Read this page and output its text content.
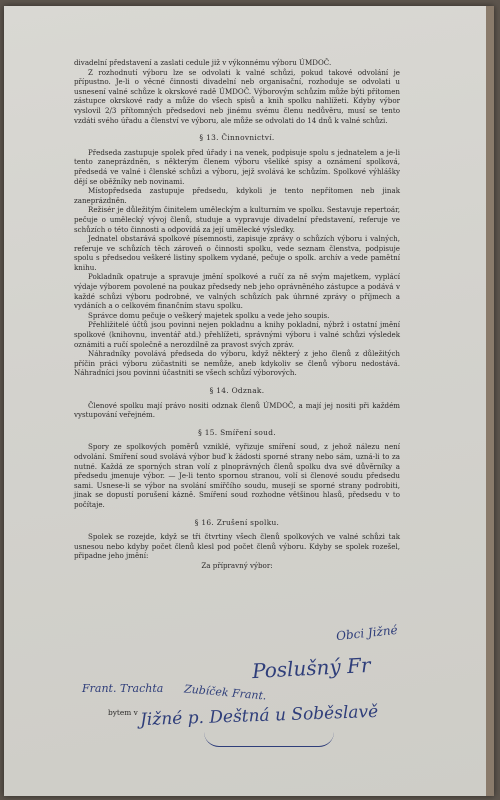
divadelní představení a zaslati cedule již v výkonnému výboru ÚMDOČ.

Z rozhodnutí výboru lze se odvolati k valné schůzi, pokud takové odvolání je přípustno. Je-li o věcné činnosti divadelní neb organisační, rozhoduje se odvolati u usnesení valné schůze k okrskové radě ÚMDOČ. Výborovým schůzím může býti přítomen zástupce okrskové rady a může do všech spisů a knih spolku nahlížeti. Kdyby výbor vyslovil 2/3 přítomných předsedovi neb jinému svému členu nedůvěru, musí se tento vzdáti svého úřadu a členství ve výboru, ale může se odvolati do 14 dnů k valné schůzi.

§ 13. Činnovnictví.

Předseda zastupuje spolek před úřady i na venek, podpisuje spolu s jednatelem a je-li tento zaneprázdněn, s některým členem výboru všeliké spisy a oznámení spolková, předsedá ve valné i členské schůzi a výboru, jejž svolává ke schůzím. Spolkové výhlášky dějí se oběžníky neb novinami.

Místopředseda zastupuje předsedu, kdykoli je tento nepřítomen neb jinak zaneprázdněn.

Režisér je důležitým činitelem uměleckým a kulturním ve spolku. Sestavuje repertoár, pečuje o umělecký vývoj členů, studuje a vypravuje divadelní představení, referuje ve schůzích o této činnosti a odpovídá za její umělecké výsledky.

Jednatel obstarává spolkové písemnosti, zapisuje zprávy o schůzích výboru i valných, referuje ve schůzích těch zároveň o činnosti spolku, vede seznam členstva, podpisuje spolu s předsedou veškeré listiny spolkem vydané, pečuje o spolk. archív a vede pamětní knihu.

Pokladník opatruje a spravuje jmění spolkové a ručí za ně svým majetkem, vyplácí výdaje výborem povolené na poukaz předsedy neb jeho oprávněného zástupce a podává v každé schůzi výboru podrobné, ve valných schůzích pak úhrnné zprávy o příjmech a vydáních a o celkovém finančním stavu spolku.

Správce domu pečuje o veškerý majetek spolku a vede jeho soupis.

Přehližitelé účtů jsou povinni nejen pokladnu a knihy pokladní, nýbrž i ostatní jmění spolkové (knihovnu, inventář atd.) přehlížeti, správnými výboru i valné schůzi výsledek oznámiti a ručí společně a nerozdílně za pravost svých zpráv.

Náhradníky povolává předseda do výboru, když některý z jeho členů z důležitých příčin práci výboru zúčastniti se nemůže, aneb kdykoliv se členů výboru nedostává. Náhradníci jsou povinni účastniti se všech schůzí výborových.

§ 14. Odznak.

Členové spolku mají právo nositi odznak členů ÚMDOČ, a mají jej nositi při každém vystupování veřejném.

§ 15. Smíření soud.

Spory ze spolkových poměrů vzniklé, vyřizuje smíření soud, z jehož nálezu není odvolání. Smíření soud svolává výbor buď k žádosti sporné strany nebo sám, uzná-li to za nutné. Každá ze sporných stran volí z plnoprávných členů spolku dva své důvěrníky a předsedu jmenuje výbor. — Je-li tento spornou stranou, volí si členové soudu předsedu sami. Usnese-li se výbor na svolání smířčího soudu, musejí se sporné strany podrobiti, jinak se dopustí porušení kázně. Smíření soud rozhodne většinou hlasů, předsedu v to počítaje.

§ 16. Zrušení spolku.

Spolek se rozejde, když se tři čtvrtiny všech členů spolkových ve valné schůzi tak usnesou nebo kdyby počet členů klesl pod počet členů výboru. Kdyby se spolek rozešel, připadne jeho jmění:

Za přípravný výbor:

Obci Jižné
Poslušný Fr
Frant. Trachta Zubíček Frant.
bytem v Jižné p. Deštná u Soběslavě
